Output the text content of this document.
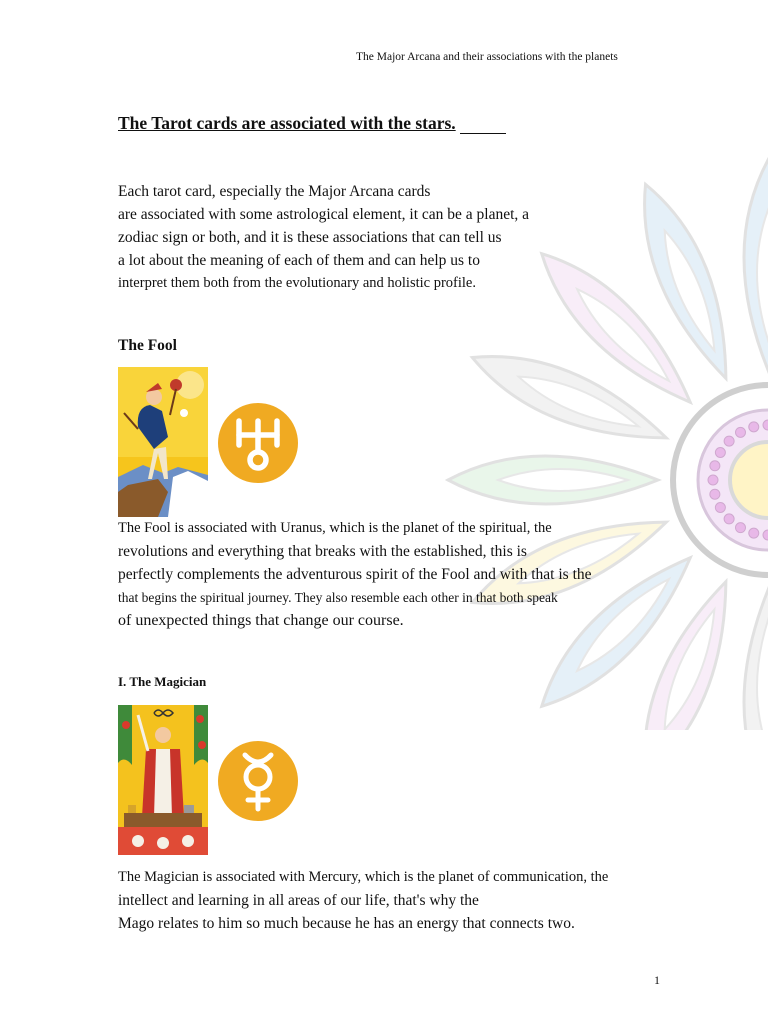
The Major Arcana and their associations with the planets
The Tarot cards are associated with the stars.

Each tarot card, especially the Major Arcana cards
are associated with some astrological element, it can be a planet, a
zodiac sign or both, and it is these associations that can tell us
a lot about the meaning of each of them and can help us to
interpret them both from the evolutionary and holistic profile.

The Fool

The Fool is associated with Uranus, which is the planet of the spiritual, the
revolutions and everything that breaks with the established, this is
perfectly complements the adventurous spirit of the Fool and with that is the
that begins the spiritual journey. They also resemble each other in that both speak
of unexpected things that change our course.

I. The Magician

The Magician is associated with Mercury, which is the planet of communication, the
intellect and learning in all areas of our life, that's why the
Mago relates to him so much because he has an energy that connects two.

1
